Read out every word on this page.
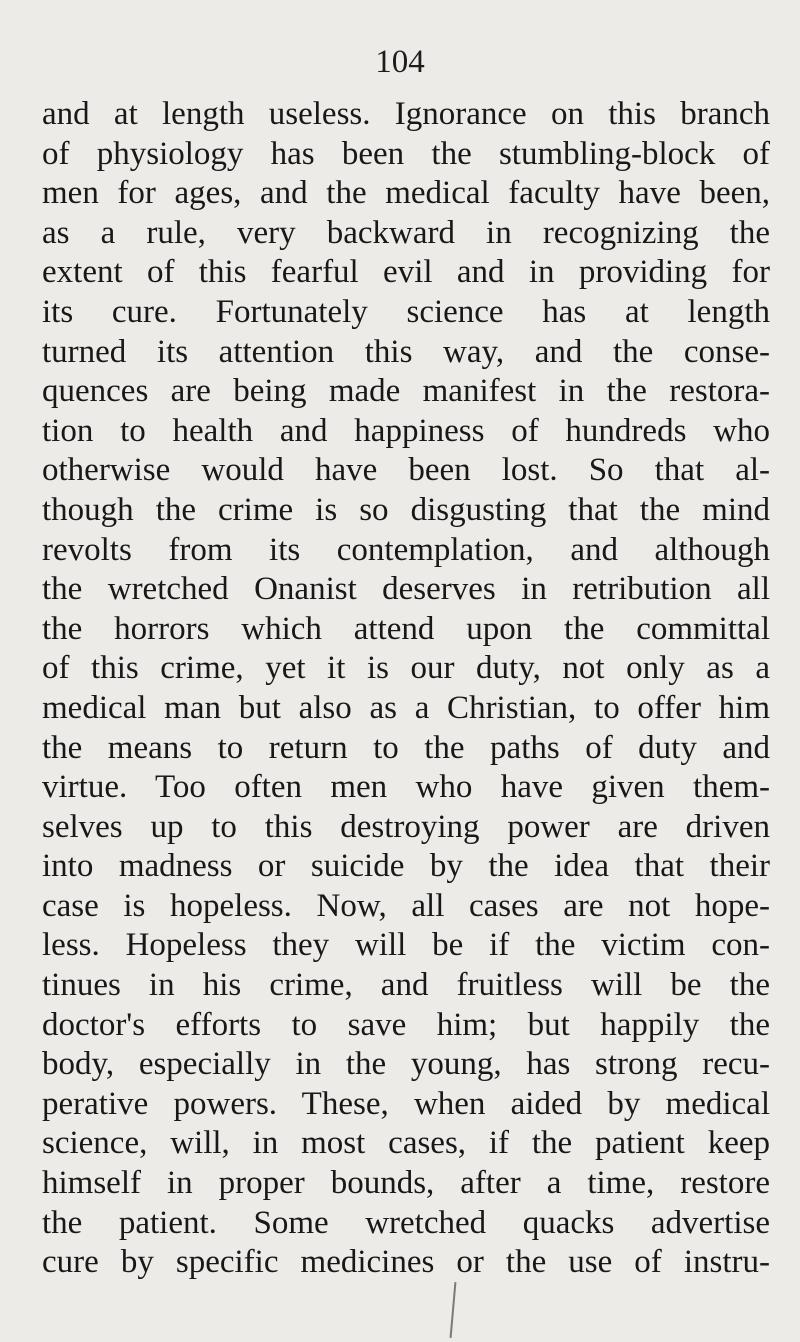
104
and at length useless. Ignorance on this branch
of physiology has been the stumbling-block of
men for ages, and the medical faculty have been,
as a rule, very backward in recognizing the
extent of this fearful evil and in providing for
its cure. Fortunately science has at length
turned its attention this way, and the conse-
quences are being made manifest in the restora-
tion to health and happiness of hundreds who
otherwise would have been lost. So that al-
though the crime is so disgusting that the mind
revolts from its contemplation, and although
the wretched Onanist deserves in retribution all
the horrors which attend upon the committal
of this crime, yet it is our duty, not only as a
medical man but also as a Christian, to offer him
the means to return to the paths of duty and
virtue. Too often men who have given them-
selves up to this destroying power are driven
into madness or suicide by the idea that their
case is hopeless. Now, all cases are not hope-
less. Hopeless they will be if the victim con-
tinues in his crime, and fruitless will be the
doctor's efforts to save him; but happily the
body, especially in the young, has strong recu-
perative powers. These, when aided by medical
science, will, in most cases, if the patient keep
himself in proper bounds, after a time, restore
the patient. Some wretched quacks advertise
cure by specific medicines or the use of instru-
